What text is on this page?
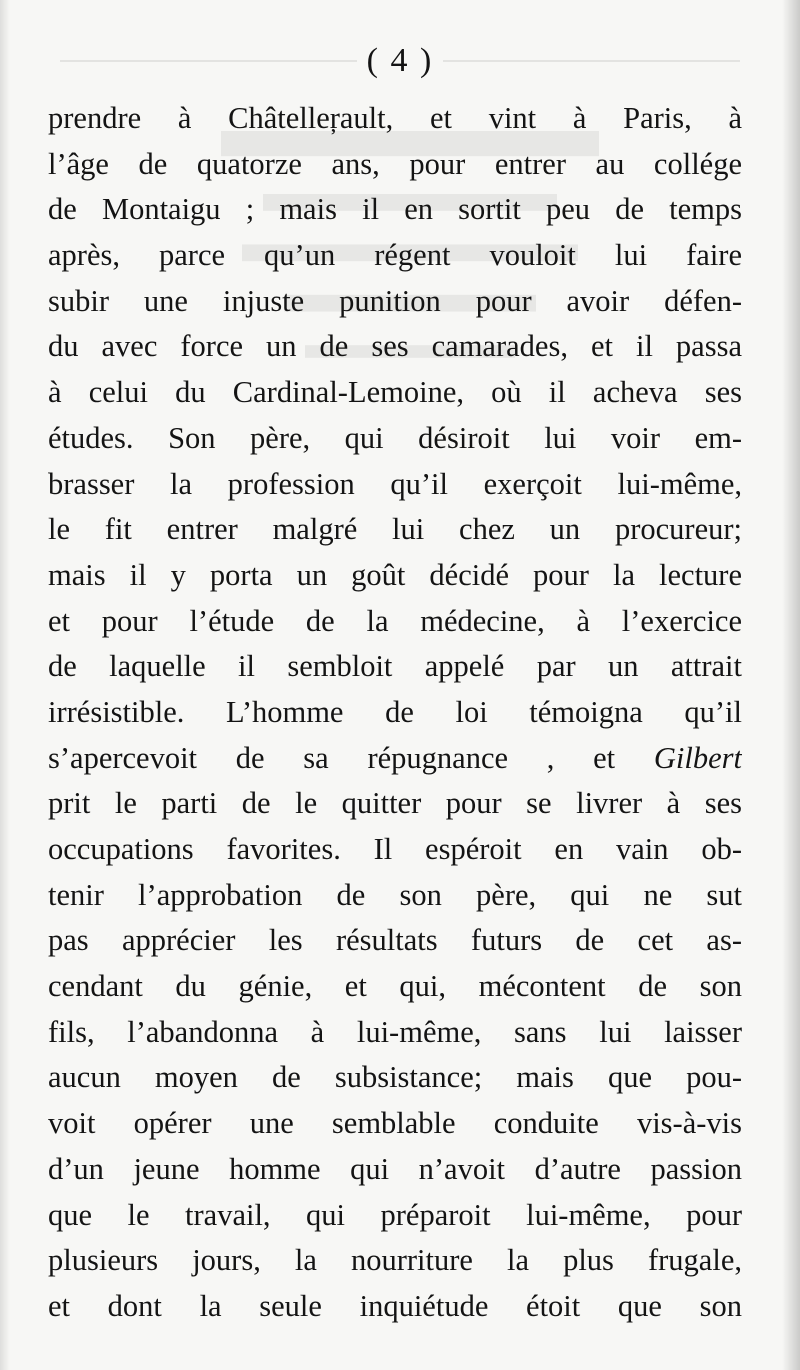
( 4 )
prendre à Châtelleŗault, et vint à Paris, à
l’âge de quatorze ans, pour entrer au collége
de Montaigu ; mais il en sortit peu de temps
après, parce qu’un régent vouloit lui faire
subir une injuste punition pour avoir défen-
du avec force un de ses camarades, et il passa
à celui du Cardinal-Lemoine, où il acheva ses
études. Son père, qui désiroit lui voir em-
brasser la profession qu’il exerçoit lui-même,
le fit entrer malgré lui chez un procureur;
mais il y porta un goût décidé pour la lecture
et pour l’étude de la médecine, à l’exercice
de laquelle il sembloit appelé par un attrait
irrésistible. L’homme de loi témoigna qu’il
s’apercevoit de sa répugnance , et Gilbert
prit le parti de le quitter pour se livrer à ses
occupations favorites. Il espéroit en vain ob-
tenir l’approbation de son père, qui ne sut
pas apprécier les résultats futurs de cet as-
cendant du génie, et qui, mécontent de son
fils, l’abandonna à lui-même, sans lui laisser
aucun moyen de subsistance; mais que pou-
voit opérer une semblable conduite vis-à-vis
d’un jeune homme qui n’avoit d’autre passion
que le travail, qui préparoit lui-même, pour
plusieurs jours, la nourriture la plus frugale,
et dont la seule inquiétude étoit que son
